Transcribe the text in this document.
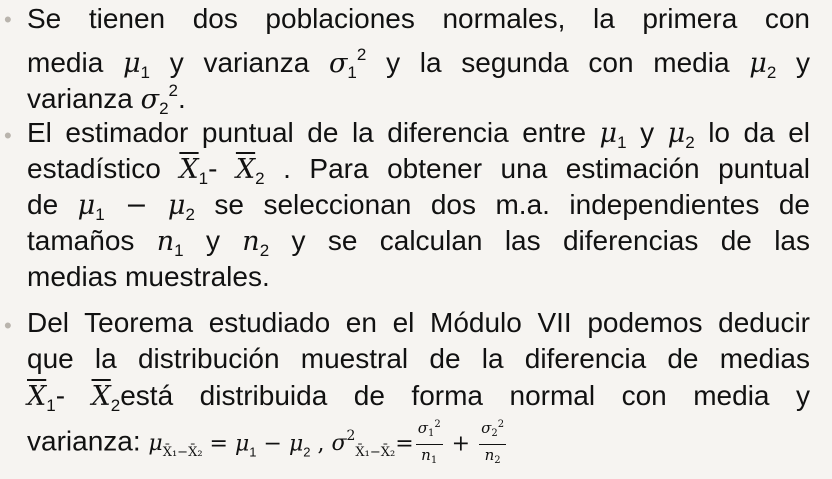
• Se tienen dos poblaciones normales, la primera con
media $\mu_1$ y varianza $\sigma_1^2$ y la segunda con media $\mu_2$ y
varianza $\sigma_2^2$.
• El estimador puntual de la diferencia entre $\mu_1$ y $\mu_2$ lo da el
estadístico $\overline{X}_1-$ $\overline{X}_2$ . Para obtener una estimación puntual
de $\mu_1 - \mu_2$ se seleccionan dos m.a. independientes de
tamaños $n_1$ y $n_2$ y se calculan las diferencias de las
medias muestrales.
• Del Teorema estudiado en el Módulo VII podemos deducir
que la distribución muestral de la diferencia de medias
$\overline{X}_1-$ $\overline{X}_2está$ distribuida de forma normal con media y
varianza: $\mu_{X̄_1-X̄_2} = \mu_1 - \mu_2$ , $\sigma^2_{X̄_1-X̄_2}= \frac{\sigma_1^2}{n_1} + \frac{\sigma_2^2}{n_2}$
